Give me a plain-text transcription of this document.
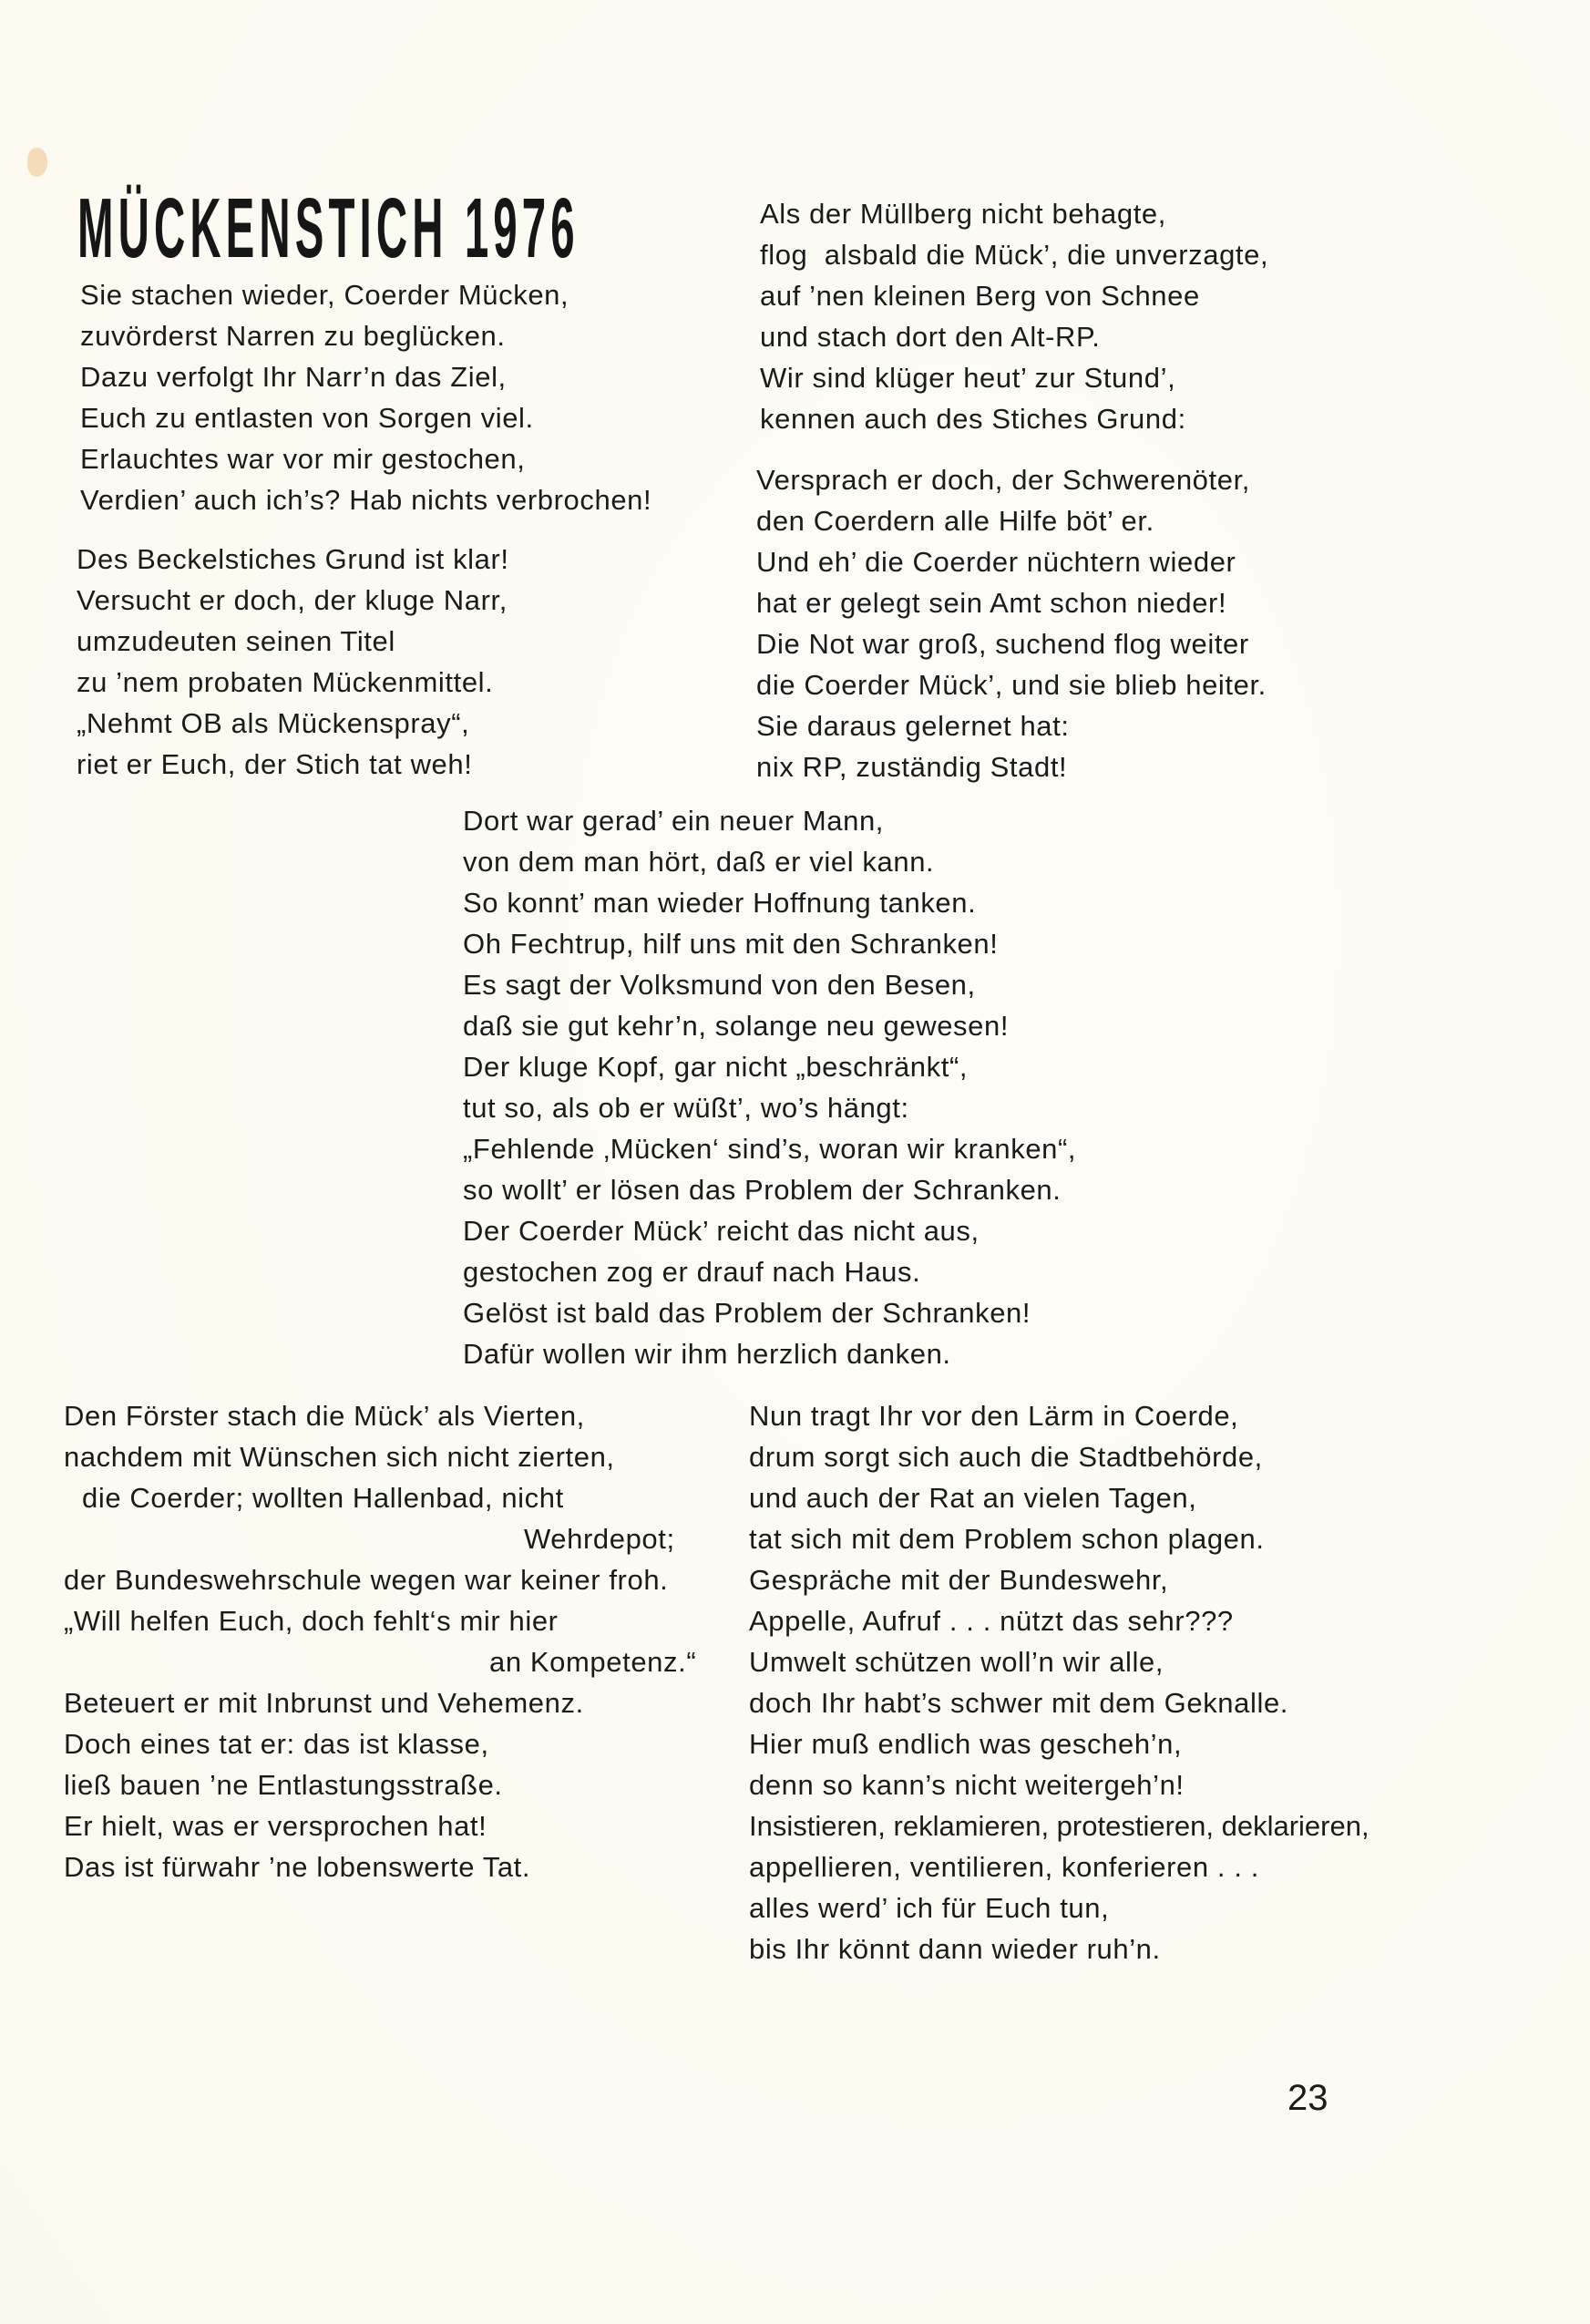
MÜCKENSTICH 1976
Sie stachen wieder, Coerder Mücken,
zuvörderst Narren zu beglücken.
Dazu verfolgt Ihr Narr’n das Ziel,
Euch zu entlasten von Sorgen viel.
Erlauchtes war vor mir gestochen,
Verdien’ auch ich’s? Hab nichts verbrochen!
Des Beckelstiches Grund ist klar!
Versucht er doch, der kluge Narr,
umzudeuten seinen Titel
zu ’nem probaten Mückenmittel.
„Nehmt OB als Mückenspray“,
riet er Euch, der Stich tat weh!
Als der Müllberg nicht behagte,
flog  alsbald die Mück’, die unverzagte,
auf ’nen kleinen Berg von Schnee
und stach dort den Alt-RP.
Wir sind klüger heut’ zur Stund’,
kennen auch des Stiches Grund:
Versprach er doch, der Schwerenöter,
den Coerdern alle Hilfe böt’ er.
Und eh’ die Coerder nüchtern wieder
hat er gelegt sein Amt schon nieder!
Die Not war groß, suchend flog weiter
die Coerder Mück’, und sie blieb heiter.
Sie daraus gelernet hat:
nix RP, zuständig Stadt!
Dort war gerad’ ein neuer Mann,
von dem man hört, daß er viel kann.
So konnt’ man wieder Hoffnung tanken.
Oh Fechtrup, hilf uns mit den Schranken!
Es sagt der Volksmund von den Besen,
daß sie gut kehr’n, solange neu gewesen!
Der kluge Kopf, gar nicht „beschränkt“,
tut so, als ob er wüßt’, wo’s hängt:
„Fehlende ‚Mücken‘ sind’s, woran wir kranken“,
so wollt’ er lösen das Problem der Schranken.
Der Coerder Mück’ reicht das nicht aus,
gestochen zog er drauf nach Haus.
Gelöst ist bald das Problem der Schranken!
Dafür wollen wir ihm herzlich danken.
Den Förster stach die Mück’ als Vierten,
nachdem mit Wünschen sich nicht zierten,
die Coerder; wollten Hallenbad, nicht
Wehrdepot;
der Bundeswehrschule wegen war keiner froh.
„Will helfen Euch, doch fehlt‘s mir hier
an Kompetenz.“
Beteuert er mit Inbrunst und Vehemenz.
Doch eines tat er: das ist klasse,
ließ bauen ’ne Entlastungsstraße.
Er hielt, was er versprochen hat!
Das ist fürwahr ’ne lobenswerte Tat.
Nun tragt Ihr vor den Lärm in Coerde,
drum sorgt sich auch die Stadtbehörde,
und auch der Rat an vielen Tagen,
tat sich mit dem Problem schon plagen.
Gespräche mit der Bundeswehr,
Appelle, Aufruf . . . nützt das sehr???
Umwelt schützen woll’n wir alle,
doch Ihr habt’s schwer mit dem Geknalle.
Hier muß endlich was gescheh’n,
denn so kann’s nicht weitergeh’n!
Insistieren, reklamieren, protestieren, deklarieren,
appellieren, ventilieren, konferieren . . .
alles werd’ ich für Euch tun,
bis Ihr könnt dann wieder ruh’n.
23
